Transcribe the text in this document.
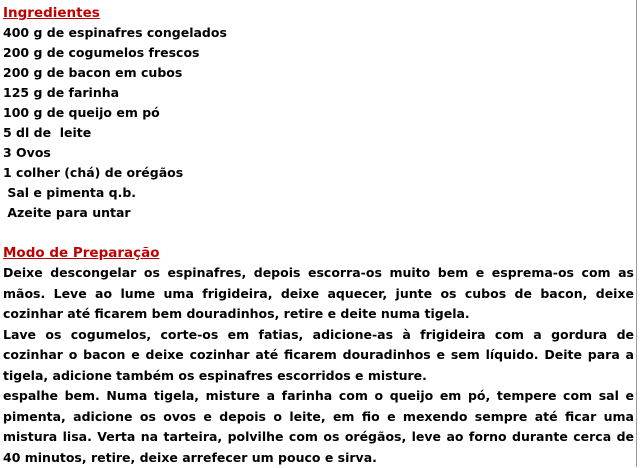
Ingredientes
400 g de espinafres congelados
200 g de cogumelos frescos
200 g de bacon em cubos
125 g de farinha
100 g de queijo em pó
5 dl de  leite
3 Ovos
1 colher (chá) de orégãos
Sal e pimenta q.b.
Azeite para untar
Modo de Preparação

Deixe descongelar os espinafres, depois escorra-os muito bem e esprema-os com as mãos. Leve ao lume uma frigideira, deixe aquecer, junte os cubos de bacon, deixe cozinhar até ficarem bem douradinhos, retire e deite numa tigela.

Lave os cogumelos, corte-os em fatias, adicione-as à frigideira com a gordura de cozinhar o bacon e deixe cozinhar até ficarem douradinhos e sem líquido. Deite para a tigela, adicione também os espinafres escorridos e misture.

espalhe bem. Numa tigela, misture a farinha com o queijo em pó, tempere com sal e pimenta, adicione os ovos e depois o leite, em fio e mexendo sempre até ficar uma mistura lisa. Verta na tarteira, polvilhe com os orégãos, leve ao forno durante cerca de 40 minutos, retire, deixe arrefecer um pouco e sirva.
